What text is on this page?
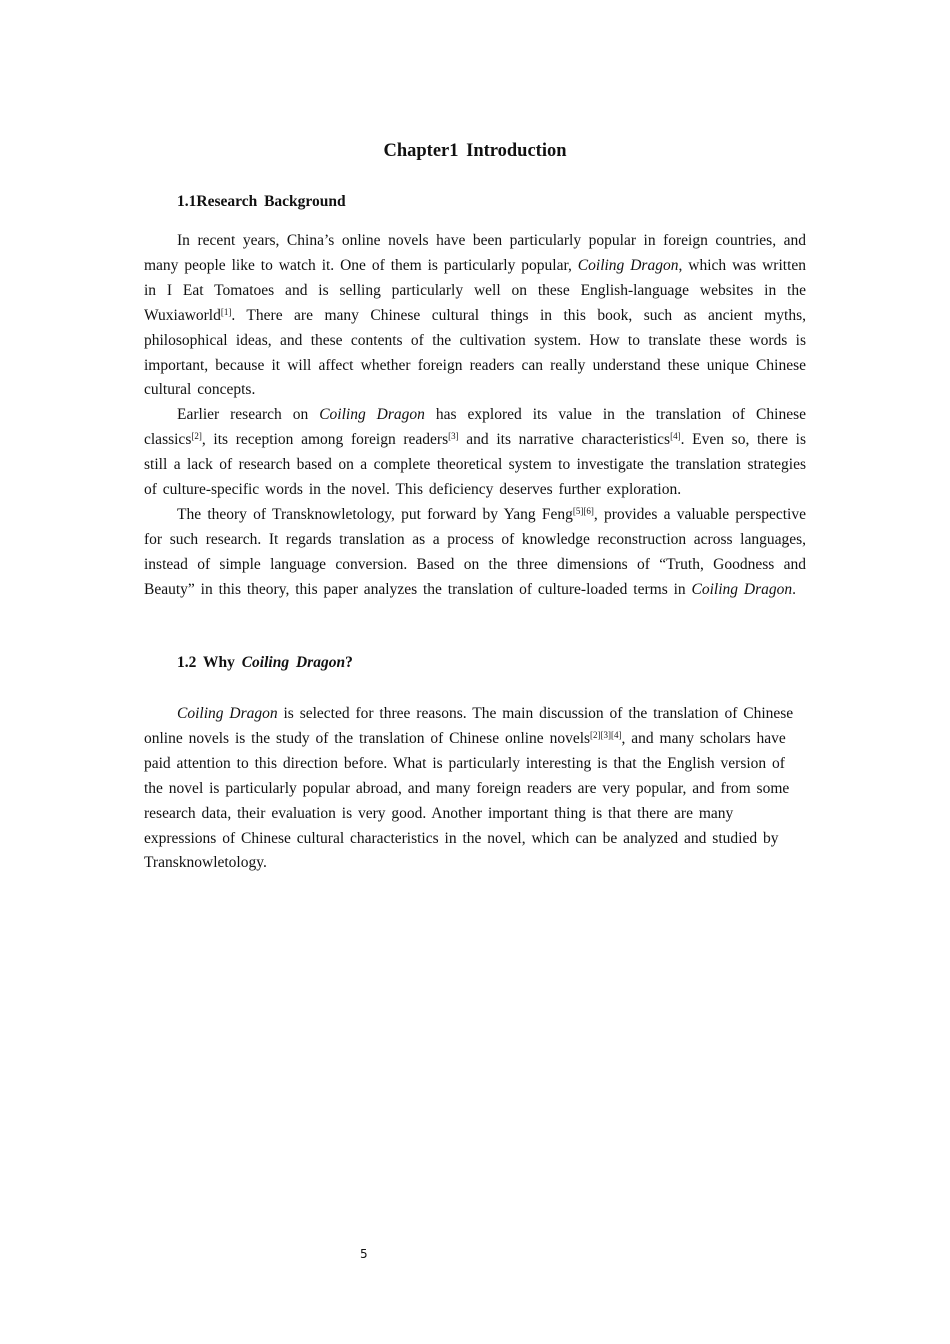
Chapter1 Introduction
1.1Research Background

In recent years, China’s online novels have been particularly popular in foreign countries, and many people like to watch it. One of them is particularly popular, Coiling Dragon, which was written in I Eat Tomatoes and is selling particularly well on these English-language websites in the Wuxiaworld[1]. There are many Chinese cultural things in this book, such as ancient myths, philosophical ideas, and these contents of the cultivation system. How to translate these words is important, because it will affect whether foreign readers can really understand these unique Chinese cultural concepts.

Earlier research on Coiling Dragon has explored its value in the translation of Chinese classics[2], its reception among foreign readers[3] and its narrative characteristics[4]. Even so, there is still a lack of research based on a complete theoretical system to investigate the translation strategies of culture-specific words in the novel. This deficiency deserves further exploration.

The theory of Transknowletology, put forward by Yang Feng[5][6], provides a valuable perspective for such research. It regards translation as a process of knowledge reconstruction across languages, instead of simple language conversion. Based on the three dimensions of “Truth, Goodness and Beauty” in this theory, this paper analyzes the translation of culture-loaded terms in Coiling Dragon.

1.2 Why Coiling Dragon?

Coiling Dragon is selected for three reasons. The main discussion of the translation of Chinese online novels is the study of the translation of Chinese online novels[2][3][4], and many scholars have paid attention to this direction before. What is particularly interesting is that the English version of the novel is particularly popular abroad, and many foreign readers are very popular, and from some research data, their evaluation is very good. Another important thing is that there are many expressions of Chinese cultural characteristics in the novel, which can be analyzed and studied by Transknowletology.

5
